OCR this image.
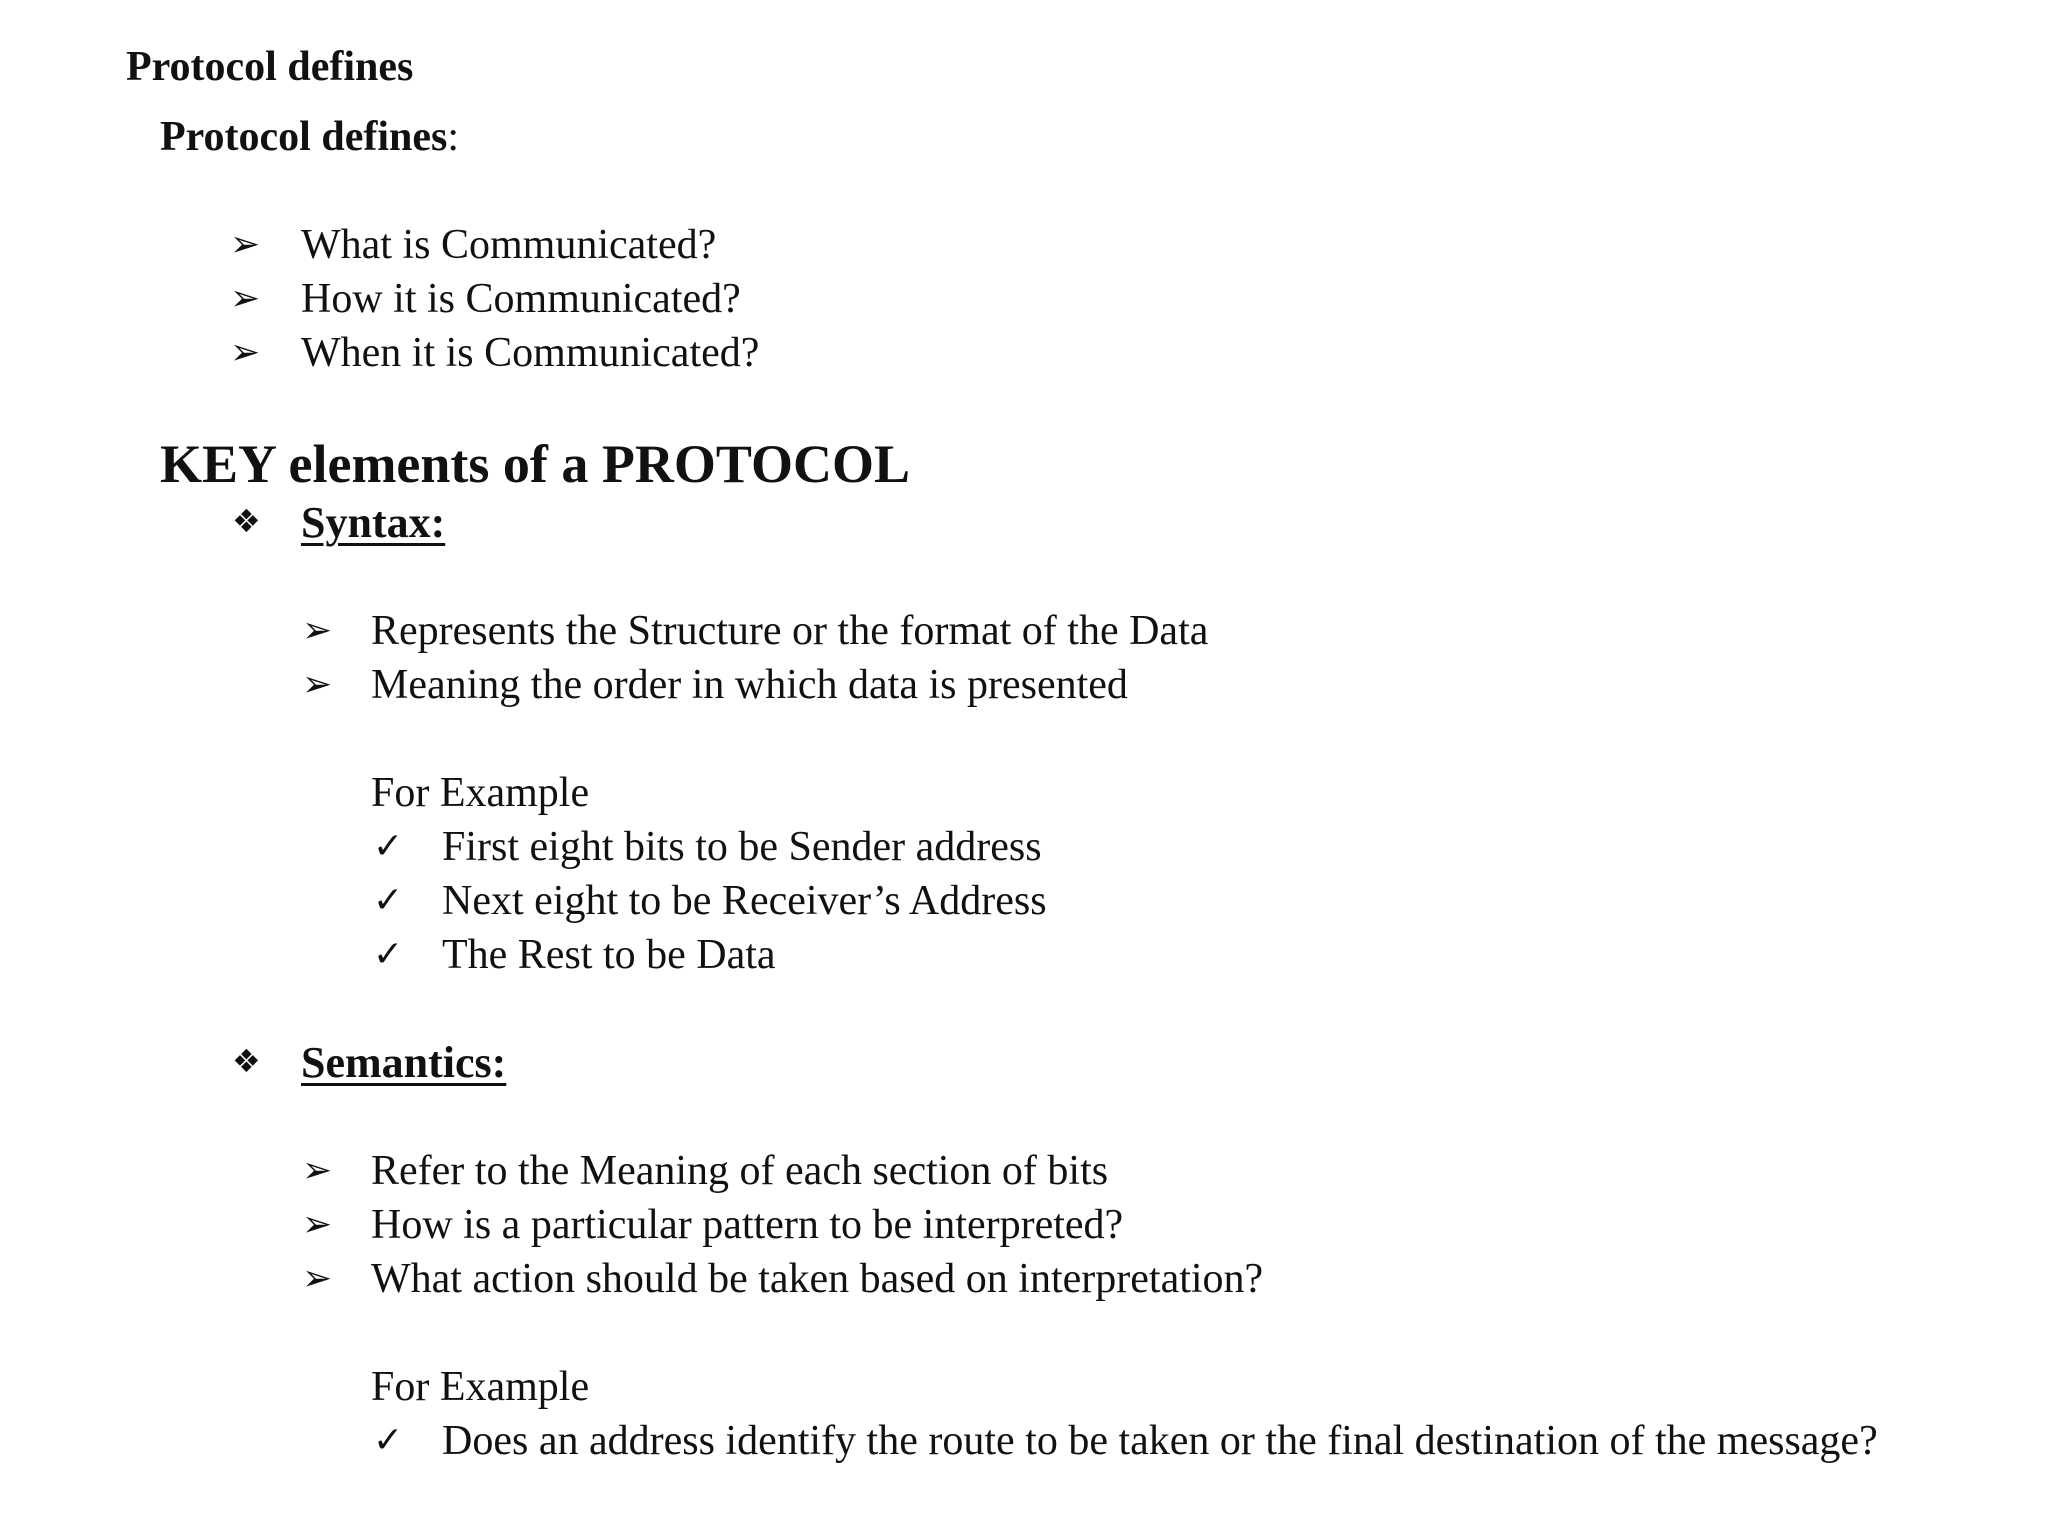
Protocol defines
Protocol defines:
➢ What is Communicated?
➢ How it is Communicated?
➢ When it is Communicated?
KEY elements of a PROTOCOL
❖ Syntax:
➢ Represents the Structure or the format of the Data
➢ Meaning the order in which data is presented
For Example
✓ First eight bits to be Sender address
✓ Next eight to be Receiver’s Address
✓ The Rest to be Data
❖ Semantics:
➢ Refer to the Meaning of each section of bits
➢ How is a particular pattern to be interpreted?
➢ What action should be taken based on interpretation?
For Example
✓ Does an address identify the route to be taken or the final destination of the message?
